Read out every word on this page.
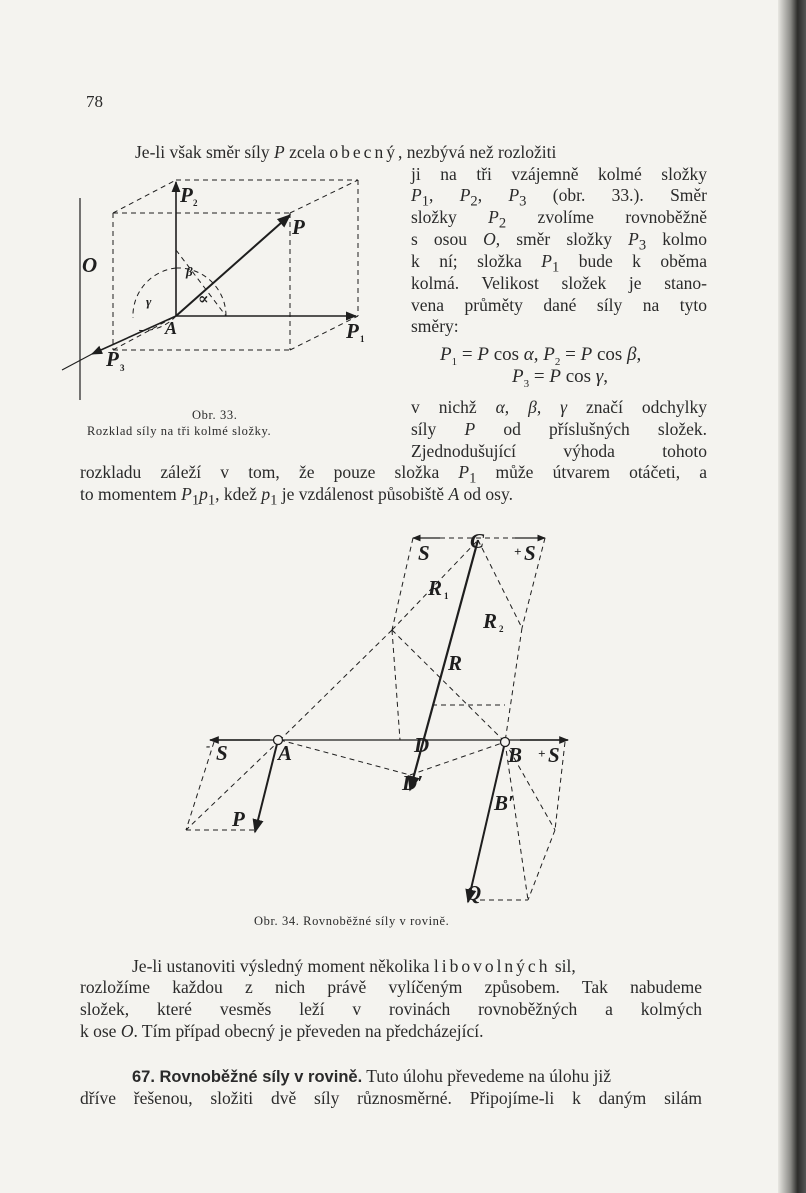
78
Je-li však směr síly P zcela obecný, nezbývá než rozložiti
ji na tři vzájemně kolmé složky
$P_1$, $P_2$, $P_3$ (obr. 33.). Směr
složky $P_2$ zvolíme rovnoběžně
s osou O, směr složky $P_3$ kolmo
k ní; složka $P_1$ bude k oběma
kolmá. Velikost složek je stano-
vena průměty dané síly na tyto
směry:
$P_1 = P$ cos α, $P_2 = P$ cos β,
$P_3 = P$ cos γ,
v nichž α, β, γ značí odchylky
síly P od příslušných složek.
Zjednodušující výhoda tohoto
rozkladu záleží v tom, že pouze složka $P_1$ může útvarem otáčeti, a
to momentem $P_1p_1$, kdež $p_1$ je vzdálenost působiště A od osy.
O
P
A
P 2
P 1
P 3
∝
β
γ
Obr. 33.
Rozklad síly na tři kolmé složky.
C
S	+ S
R 1
R 2
R
- S A	D
D′
B + S
P
B′
Q
Obr. 34. Rovnoběžné síly v rovině.
Je-li ustanoviti výsledný moment několika libovolných sil,
rozložíme každou z nich právě vylíčeným způsobem. Tak nabudeme
složek, které vesměs leží v rovinách rovnoběžných a kolmých
k ose O. Tím případ obecný je převeden na předcházející.
67. Rovnoběžné síly v rovině. Tuto úlohu převedeme na úlohu již
dříve řešenou, složiti dvě síly různosměrné. Připojíme-li k daným silám
